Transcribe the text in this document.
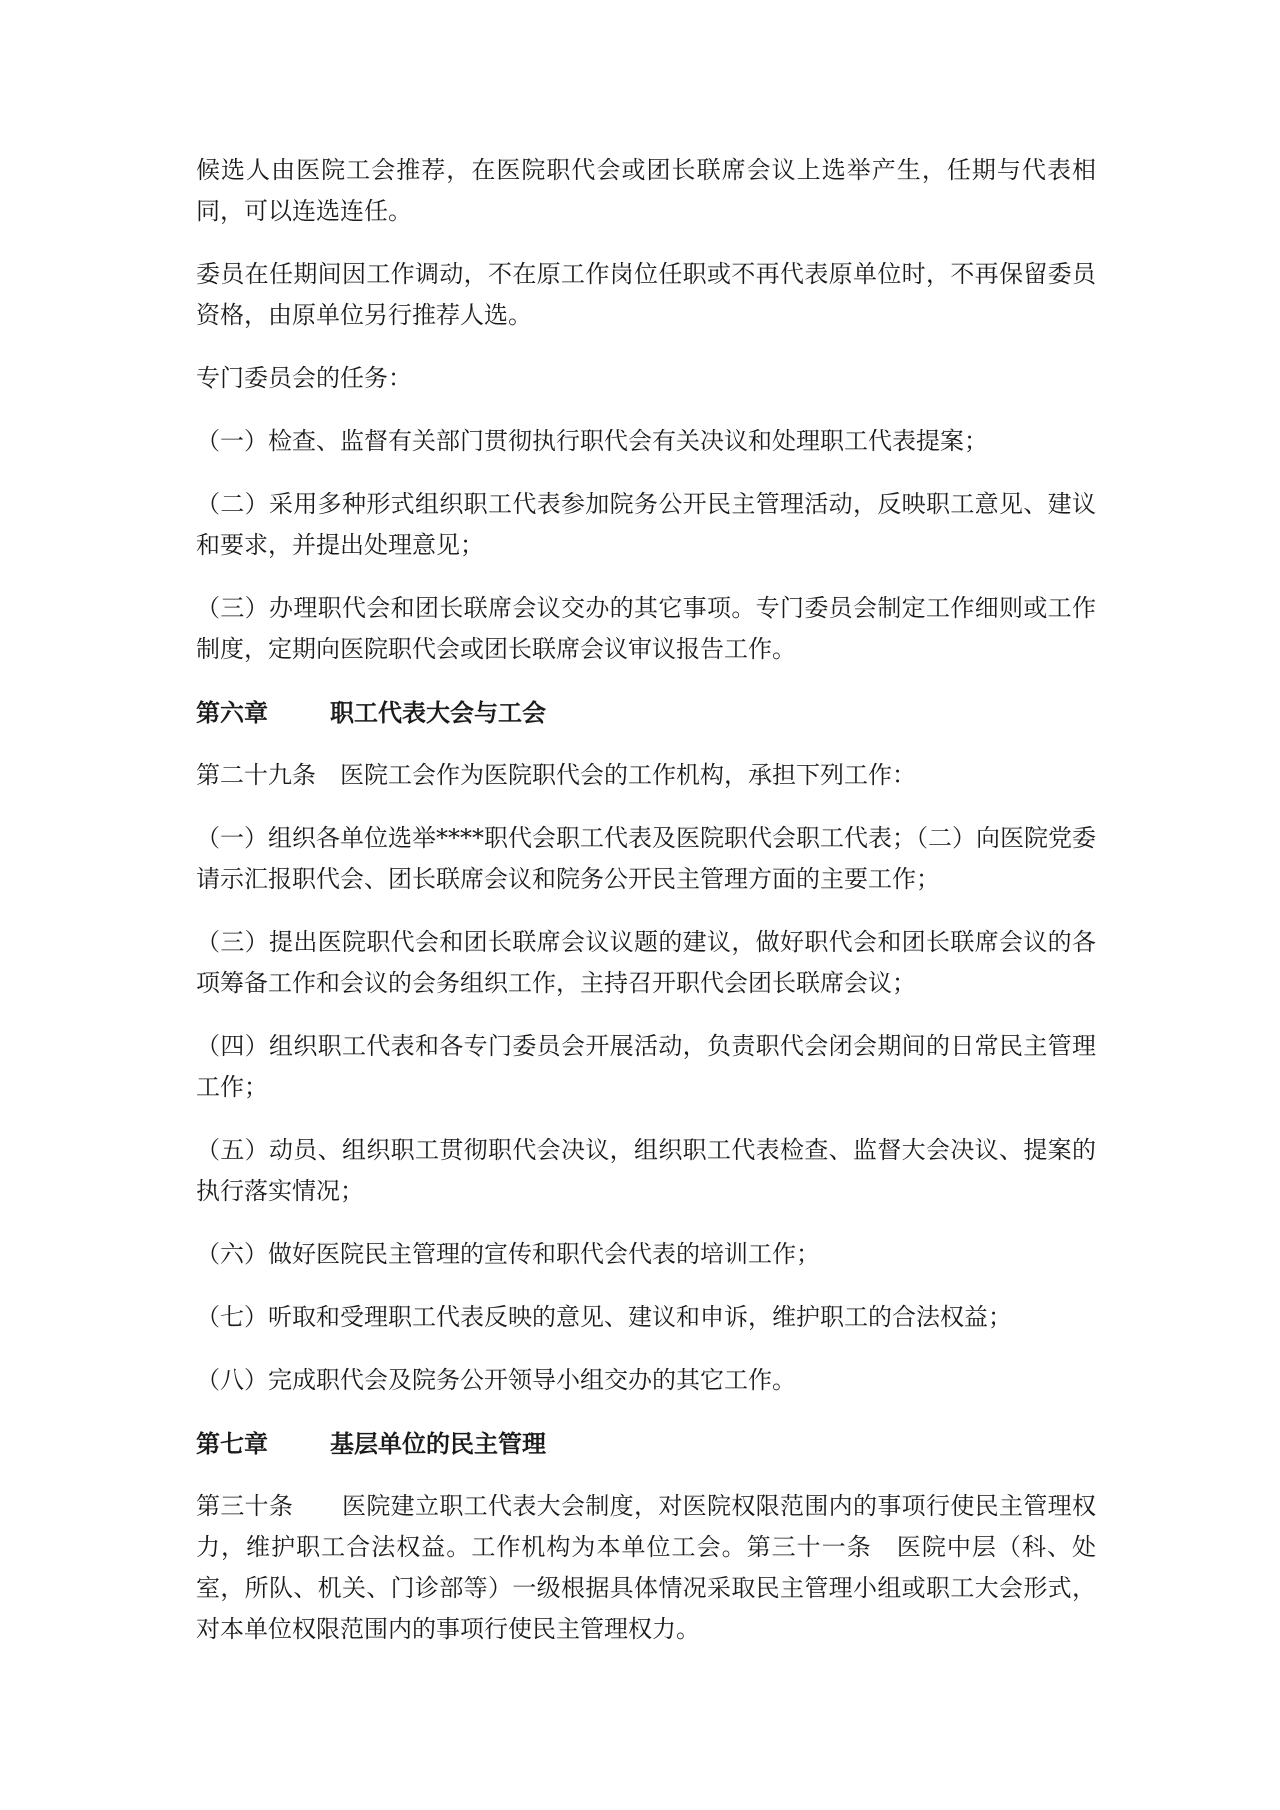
候选人由医院工会推荐，在医院职代会或团长联席会议上选举产生，任期与代表相同，可以连选连任。

委员在任期间因工作调动，不在原工作岗位任职或不再代表原单位时，不再保留委员资格，由原单位另行推荐人选。

专门委员会的任务：

（一）检查、监督有关部门贯彻执行职代会有关决议和处理职工代表提案；

（二）采用多种形式组织职工代表参加院务公开民主管理活动，反映职工意见、建议和要求，并提出处理意见；

（三）办理职代会和团长联席会议交办的其它事项。专门委员会制定工作细则或工作制度，定期向医院职代会或团长联席会议审议报告工作。

第六章	职工代表大会与工会

第二十九条　医院工会作为医院职代会的工作机构，承担下列工作：

（一）组织各单位选举****职代会职工代表及医院职代会职工代表；（二）向医院党委请示汇报职代会、团长联席会议和院务公开民主管理方面的主要工作；

（三）提出医院职代会和团长联席会议议题的建议，做好职代会和团长联席会议的各项筹备工作和会议的会务组织工作，主持召开职代会团长联席会议；

（四）组织职工代表和各专门委员会开展活动，负责职代会闭会期间的日常民主管理工作；

（五）动员、组织职工贯彻职代会决议，组织职工代表检查、监督大会决议、提案的执行落实情况；

（六）做好医院民主管理的宣传和职代会代表的培训工作；

（七）听取和受理职工代表反映的意见、建议和申诉，维护职工的合法权益；

（八）完成职代会及院务公开领导小组交办的其它工作。

第七章	基层单位的民主管理

第三十条　　医院建立职工代表大会制度，对医院权限范围内的事项行使民主管理权力，维护职工合法权益。工作机构为本单位工会。第三十一条　医院中层（科、处室，所队、机关、门诊部等）一级根据具体情况采取民主管理小组或职工大会形式，对本单位权限范围内的事项行使民主管理权力。
